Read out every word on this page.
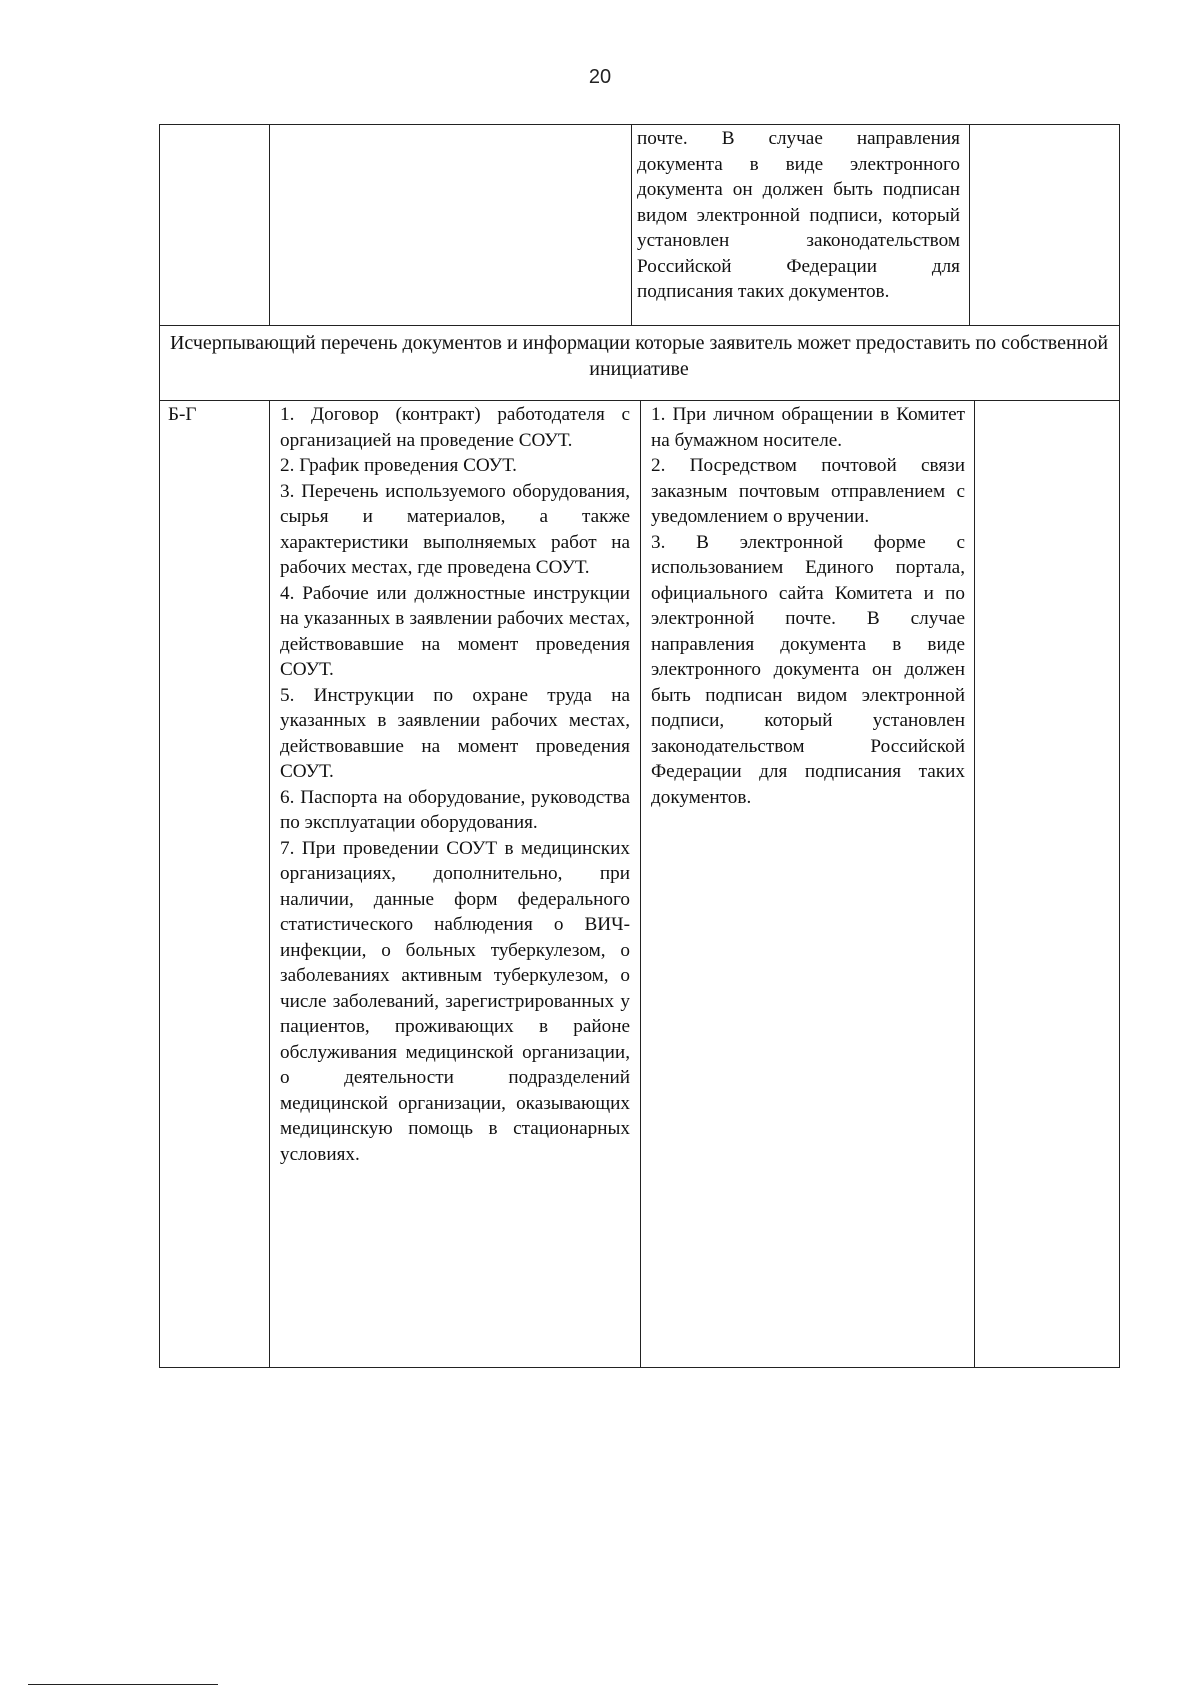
20

почте. В случае направления документа в виде электронного документа он должен быть подписан видом электронной подписи, который установлен законодательством Российской Федерации для подписания таких документов.

Исчерпывающий перечень документов и информации которые заявитель может предоставить по собственной инициативе
Б-Г	1. Договор (контракт) работодателя с организацией на проведение СОУТ.

2. График проведения СОУТ.

3. Перечень используемого оборудования, сырья и материалов, а также характеристики выполняемых работ на рабочих местах, где проведена СОУТ.

4. Рабочие или должностные инструкции на указанных в заявлении рабочих местах, действовавшие на момент проведения СОУТ.

5. Инструкции по охране труда на указанных в заявлении рабочих местах, действовавшие на момент проведения СОУТ.

6. Паспорта на оборудование, руководства по эксплуатации оборудования.

7. При проведении СОУТ в медицинских организациях, дополнительно, при наличии, данные форм федерального статистического наблюдения о ВИЧ-инфекции, о больных туберкулезом, о заболеваниях активным туберкулезом, о числе заболеваний, зарегистрированных у пациентов, проживающих в районе обслуживания медицинской организации, о деятельности подразделений медицинской организации, оказывающих медицинскую помощь в стационарных условиях.

1. При личном обращении в Комитет на бумажном носителе.

2. Посредством почтовой связи заказным почтовым отправлением с уведомлением о вручении.

3. В электронной форме с использованием Единого портала, официального сайта Комитета и по электронной почте. В случае направления документа в виде электронного документа он должен быть подписан видом электронной подписи, который установлен законодательством Российской Федерации для подписания таких документов.
